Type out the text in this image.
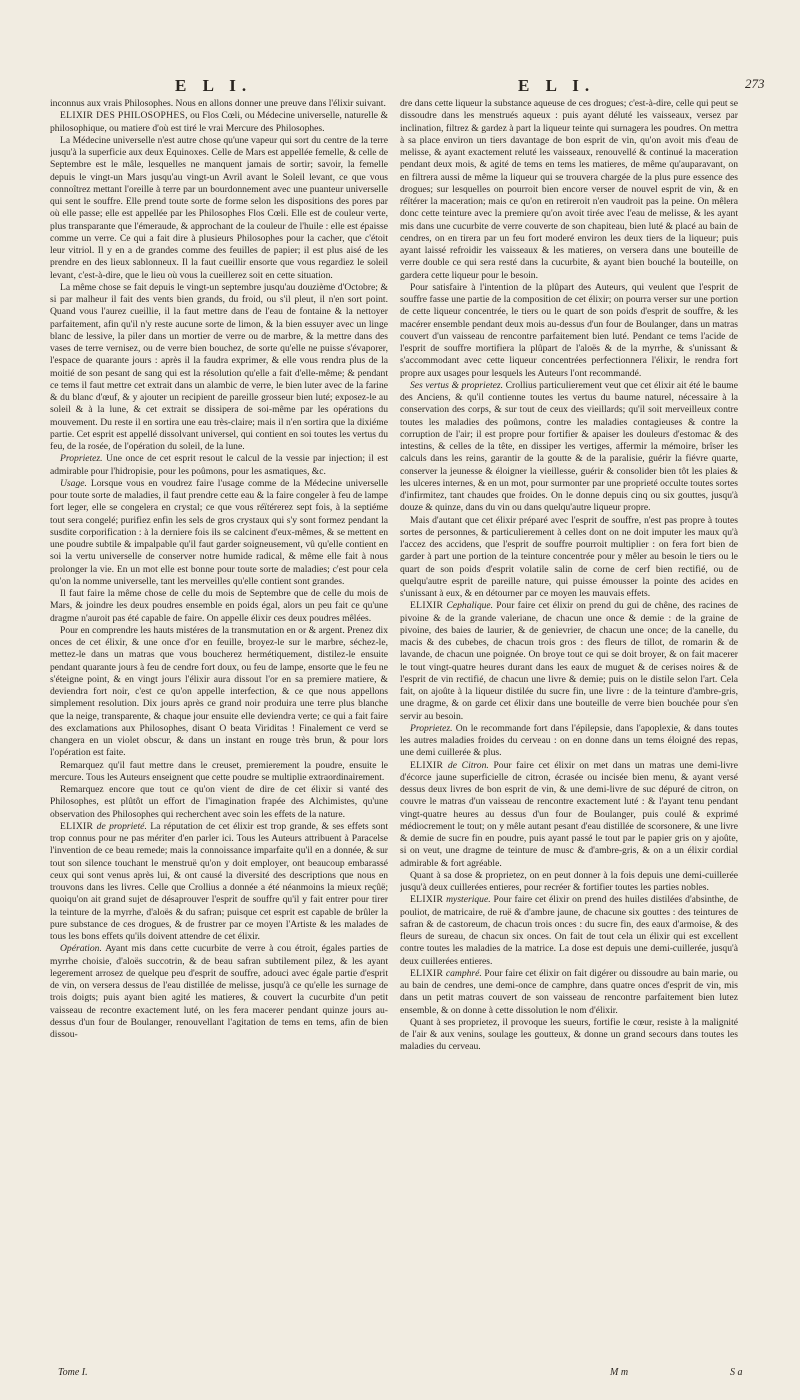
E L I.	E L I.	273

inconnus aux vrais Philosophes. Nous en allons donner une preuve dans l'élixir suivant.

ELIXIR DES PHILOSOPHES, ou Flos Cœli, ou Médecine universelle, naturelle & philosophique, ou matiere d'où est tiré le vrai Mercure des Philosophes.

La Médecine universelle n'est autre chose qu'une vapeur qui sort du centre de la terre jusqu'à la superficie aux deux Equinoxes. Celle de Mars est appellée femelle, & celle de Septembre est le mâle, lesquelles ne manquent jamais de sortir; savoir, la femelle depuis le vingt-un Mars jusqu'au vingt-un Avril avant le Soleil levant, ce que vous connoîtrez mettant l'oreille à terre par un bourdonnement avec une puanteur universelle qui sent le souffre. Elle prend toute sorte de forme selon les dispositions des pores par où elle passe; elle est appellée par les Philosophes Flos Cœli. Elle est de couleur verte, plus transparante que l'émeraude, & approchant de la couleur de l'huile : elle est épaisse comme un verre. Ce qui a fait dire à plusieurs Philosophes pour la cacher, que c'étoit leur vitriol. Il y en a de grandes comme des feuilles de papier; il est plus aisé de les prendre en des lieux sablonneux. Il la faut cueillir ensorte que vous regardiez le soleil levant, c'est-à-dire, que le lieu où vous la cueillerez soit en cette situation.

La même chose se fait depuis le vingt-un septembre jusqu'au douzième d'Octobre; & si par malheur il fait des vents bien grands, du froid, ou s'il pleut, il n'en sort point. Quand vous l'aurez cueillie, il la faut mettre dans de l'eau de fontaine & la nettoyer parfaitement, afin qu'il n'y reste aucune sorte de limon, & la bien essuyer avec un linge blanc de lessive, la piler dans un mortier de verre ou de marbre, & la mettre dans des vases de terre vernisez, ou de verre bien bouchez, de sorte qu'elle ne puisse s'évaporer, l'espace de quarante jours : après il la faudra exprimer, & elle vous rendra plus de la moitié de son pesant de sang qui est la résolution qu'elle a fait d'elle-même; & pendant ce tems il faut mettre cet extrait dans un alambic de verre, le bien luter avec de la farine & du blanc d'œuf, & y ajouter un recipient de pareille grosseur bien luté; exposez-le au soleil & à la lune, & cet extrait se dissipera de soi-même par les opérations du mouvement. Du reste il en sortira une eau très-claire; mais il n'en sortira que la dixiéme partie. Cet esprit est appellé dissolvant universel, qui contient en soi toutes les vertus du feu, de la rosée, de l'opération du soleil, de la lune.

Proprietez. Une once de cet esprit resout le calcul de la vessie par injection; il est admirable pour l'hidropisie, pour les poûmons, pour les asmatiques, &c.

Usage. Lorsque vous en voudrez faire l'usage comme de la Médecine universelle pour toute sorte de maladies, il faut prendre cette eau & la faire congeler à feu de lampe fort leger, elle se congelera en crystal; ce que vous réïtérerez sept fois, à la septiéme tout sera congelé; purifiez enfin les sels de gros crystaux qui s'y sont formez pendant la susdite corporification : à la derniere fois ils se calcinent d'eux-mêmes, & se mettent en une poudre subtile & impalpable qu'il faut garder soigneusement, vû qu'elle contient en soi la vertu universelle de conserver notre humide radical, & même elle fait à nous prolonger la vie. En un mot elle est bonne pour toute sorte de maladies; c'est pour cela qu'on la nomme universelle, tant les merveilles qu'elle contient sont grandes.

Il faut faire la même chose de celle du mois de Septembre que de celle du mois de Mars, & joindre les deux poudres ensemble en poids égal, alors un peu fait ce qu'une dragme n'auroit pas été capable de faire. On appelle élixir ces deux poudres mêlées.

Pour en comprendre les hauts mistéres de la transmutation en or & argent. Prenez dix onces de cet élixir, & une once d'or en feuille, broyez-le sur le marbre, séchez-le, mettez-le dans un matras que vous boucherez hermétiquement, distilez-le ensuite pendant quarante jours à feu de cendre fort doux, ou feu de lampe, ensorte que le feu ne s'éteigne point, & en vingt jours l'élixir aura dissout l'or en sa premiere matiere, & deviendra fort noir, c'est ce qu'on appelle interfection, & ce que nous appellons simplement resolution. Dix jours après ce grand noir produira une terre plus blanche que la neige, transparente, & chaque jour ensuite elle deviendra verte; ce qui a fait faire des exclamations aux Philosophes, disant O beata Viriditas ! Finalement ce verd se changera en un violet obscur, & dans un instant en rouge très brun, & pour lors l'opération est faite.

Remarquez qu'il faut mettre dans le creuset, premierement la poudre, ensuite le mercure. Tous les Auteurs enseignent que cette poudre se multiplie extraordinairement.

Remarquez encore que tout ce qu'on vient de dire de cet élixir si vanté des Philosophes, est plûtôt un effort de l'imagination frapée des Alchimistes, qu'une observation des Philosophes qui recherchent avec soin les effets de la nature.

ELIXIR de proprieté. La réputation de cet élixir est trop grande, & ses effets sont trop connus pour ne pas mériter d'en parler ici. Tous les Auteurs attribuent à Paracelse l'invention de ce beau remede; mais la connoissance imparfaite qu'il en a donnée, & sur tout son silence touchant le menstruë qu'on y doit employer, ont beaucoup embarassé ceux qui sont venus après lui, & ont causé la diversité des descriptions que nous en trouvons dans les livres. Celle que Crollius a donnée a été néanmoins la mieux reçûë; quoiqu'on ait grand sujet de désaprouver l'esprit de souffre qu'il y fait entrer pour tirer la teinture de la myrrhe, d'aloës & du safran; puisque cet esprit est capable de brûler la pure substance de ces drogues, & de frustrer par ce moyen l'Artiste & les malades de tous les bons effets qu'ils doivent attendre de cet élixir.

Opération. Ayant mis dans cette cucurbite de verre à cou étroit, égales parties de myrrhe choisie, d'aloës succotrin, & de beau safran subtilement pilez, & les ayant legerement arrosez de quelque peu d'esprit de souffre, adouci avec égale partie d'esprit de vin, on versera dessus de l'eau distillée de melisse, jusqu'à ce qu'elle les surnage de trois doigts; puis ayant bien agité les matieres, & couvert la cucurbite d'un petit vaisseau de recontre exactement luté, on les fera macerer pendant quinze jours au-dessus d'un four de Boulanger, renouvellant l'agitation de tems en tems, afin de bien dissou-

dre dans cette liqueur la substance aqueuse de ces drogues; c'est-à-dire, celle qui peut se dissoudre dans les menstrués aqueux : puis ayant déluté les vaisseaux, versez par inclination, filtrez & gardez à part la liqueur teinte qui surnagera les poudres. On mettra à sa place environ un tiers davantage de bon esprit de vin, qu'on avoit mis d'eau de melisse, & ayant exactement reluté les vaisseaux, renouvellé & continué la maceration pendant deux mois, & agité de tems en tems les matieres, de même qu'auparavant, on en filtrera aussi de même la liqueur qui se trouvera chargée de la plus pure essence des drogues; sur lesquelles on pourroit bien encore verser de nouvel esprit de vin, & en réïtérer la maceration; mais ce qu'on en retireroit n'en vaudroit pas la peine. On mêlera donc cette teinture avec la premiere qu'on avoit tirée avec l'eau de melisse, & les ayant mis dans une cucurbite de verre couverte de son chapiteau, bien luté & placé au bain de cendres, on en tirera par un feu fort moderé environ les deux tiers de la liqueur; puis ayant laissé refroidir les vaisseaux & les matieres, on versera dans une bouteille de verre double ce qui sera resté dans la cucurbite, & ayant bien bouché la bouteille, on gardera cette liqueur pour le besoin.

Pour satisfaire à l'intention de la plûpart des Auteurs, qui veulent que l'esprit de souffre fasse une partie de la composition de cet élixir; on pourra verser sur une portion de cette liqueur concentrée, le tiers ou le quart de son poids d'esprit de souffre, & les macérer ensemble pendant deux mois au-dessus d'un four de Boulanger, dans un matras couvert d'un vaisseau de rencontre parfaitement bien luté. Pendant ce tems l'acide de l'esprit de souffre mortifiera la plûpart de l'aloës & de la myrrhe, & s'unissant & s'accommodant avec cette liqueur concentrées perfectionnera l'élixir, le rendra fort propre aux usages pour lesquels les Auteurs l'ont recommandé.

Ses vertus & proprietez. Crollius particulierement veut que cet élixir ait été le baume des Anciens, & qu'il contienne toutes les vertus du baume naturel, nécessaire à la conservation des corps, & sur tout de ceux des vieillards; qu'il soit merveilleux contre toutes les maladies des poûmons, contre les maladies contagieuses & contre la corruption de l'air; il est propre pour fortifier & apaiser les douleurs d'estomac & des intestins, & celles de la tête, en dissiper les vertiges, affermir la mémoire, brîser les calculs dans les reins, garantir de la goutte & de la paralisie, guérir la fiévre quarte, conserver la jeunesse & éloigner la vieillesse, guérir & consolider bien tôt les plaies & les ulceres internes, & en un mot, pour surmonter par une proprieté occulte toutes sortes d'infirmitez, tant chaudes que froides. On le donne depuis cinq ou six gouttes, jusqu'à douze & quinze, dans du vin ou dans quelqu'autre liqueur propre.

Mais d'autant que cet élixir préparé avec l'esprit de souffre, n'est pas propre à toutes sortes de personnes, & particulierement à celles dont on ne doit imputer les maux qu'à l'accez des accidens, que l'esprit de souffre pourroit multiplier : on fera fort bien de garder à part une portion de la teinture concentrée pour y mêler au besoin le tiers ou le quart de son poids d'esprit volatile salin de corne de cerf bien rectifié, ou de quelqu'autre esprit de pareille nature, qui puisse émousser la pointe des acides en s'unissant à eux, & en détourner par ce moyen les mauvais effets.

ELIXIR Cephalique. Pour faire cet élixir on prend du gui de chêne, des racines de pivoine & de la grande valeriane, de chacun une once & demie : de la graine de pivoine, des baies de laurier, & de genievrier, de chacun une once; de la canelle, du macis & des cubebes, de chacun trois gros : des fleurs de tillot, de romarin & de lavande, de chacun une poignée. On broye tout ce qui se doit broyer, & on fait macerer le tout vingt-quatre heures durant dans les eaux de muguet & de cerises noires & de l'esprit de vin rectifié, de chacun une livre & demie; puis on le distile selon l'art. Cela fait, on ajoûte à la liqueur distilée du sucre fin, une livre : de la teinture d'ambre-gris, une dragme, & on garde cet élixir dans une bouteille de verre bien bouchée pour s'en servir au besoin.

Proprietez. On le recommande fort dans l'épilepsie, dans l'apoplexie, & dans toutes les autres maladies froides du cerveau : on en donne dans un tems éloigné des repas, une demi cuillerée & plus.

ELIXIR de Citron. Pour faire cet élixir on met dans un matras une demi-livre d'écorce jaune superficielle de citron, écrasée ou incisée bien menu, & ayant versé dessus deux livres de bon esprit de vin, & une demi-livre de suc dépuré de citron, on couvre le matras d'un vaisseau de rencontre exactement luté : & l'ayant tenu pendant vingt-quatre heures au dessus d'un four de Boulanger, puis coulé & exprimé médiocrement le tout; on y mêle autant pesant d'eau distillée de scorsonere, & une livre & demie de sucre fin en poudre, puis ayant passé le tout par le papier gris on y ajoûte, si on veut, une dragme de teinture de musc & d'ambre-gris, & on a un élixir cordial admirable & fort agréable.

Quant à sa dose & proprietez, on en peut donner à la fois depuis une demi-cuillerée jusqu'à deux cuillerées entieres, pour recréer & fortifier toutes les parties nobles.

ELIXIR mysterique. Pour faire cet élixir on prend des huiles distilées d'absinthe, de pouliot, de matricaire, de ruë & d'ambre jaune, de chacune six gouttes : des teintures de safran & de castoreum, de chacun trois onces : du sucre fin, des eaux d'armoise, & des fleurs de sureau, de chacun six onces. On fait de tout cela un élixir qui est excellent contre toutes les maladies de la matrice. La dose est depuis une demi-cuillerée, jusqu'à deux cuillerées entieres.

ELIXIR camphré. Pour faire cet élixir on fait digérer ou dissoudre au bain marie, ou au bain de cendres, une demi-once de camphre, dans quatre onces d'esprit de vin, mis dans un petit matras couvert de son vaisseau de rencontre parfaitement bien lutez ensemble, & on donne à cette dissolution le nom d'élixir.

Quant à ses proprietez, il provoque les sueurs, fortifie le cœur, resiste à la malignité de l'air & aux venins, soulage les goutteux, & donne un grand secours dans toutes les maladies du cerveau.

Tome I.	M m	S a
